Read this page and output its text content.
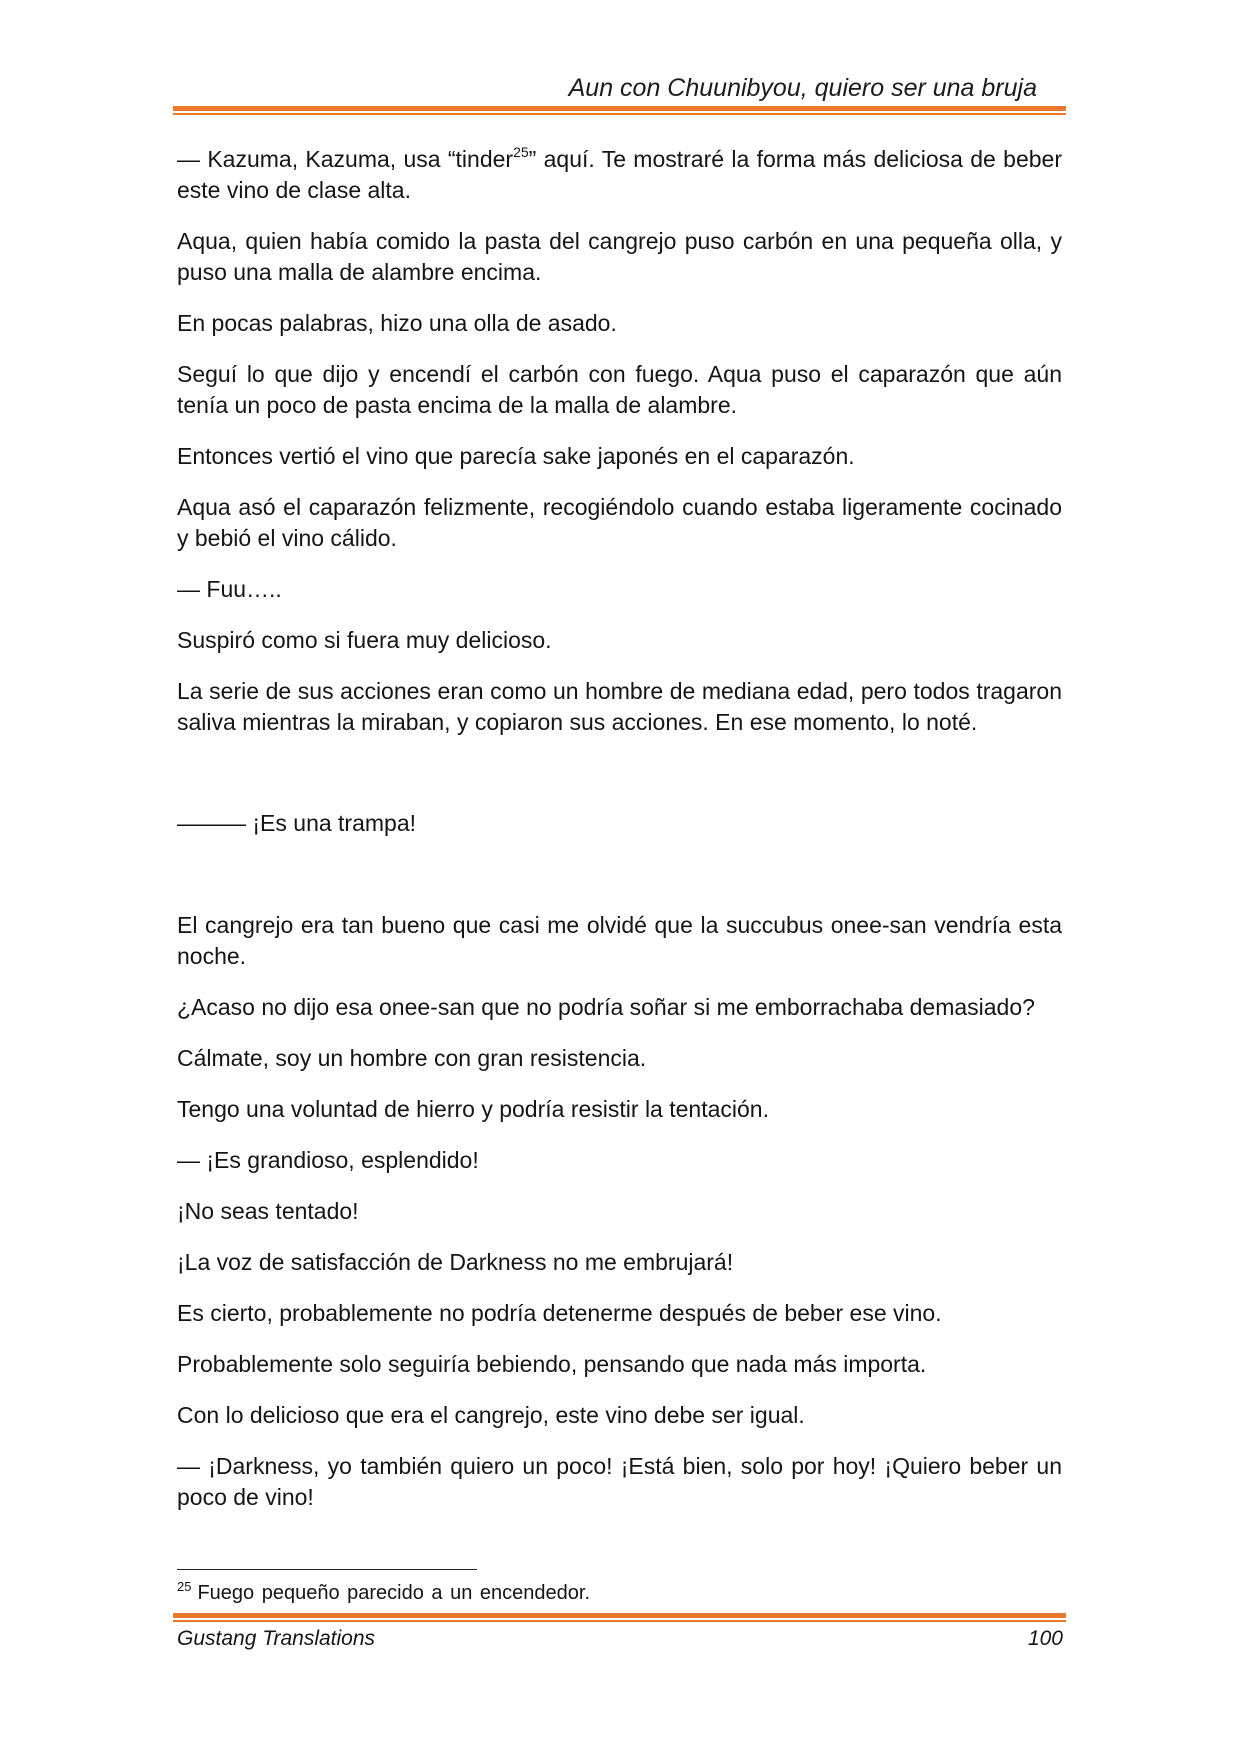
Aun con Chuunibyou, quiero ser una bruja

— Kazuma, Kazuma, usa “tinder$^{25}$” aquí. Te mostraré la forma más deliciosa de beber este vino de clase alta.

Aqua, quien había comido la pasta del cangrejo puso carbón en una pequeña olla, y puso una malla de alambre encima.

En pocas palabras, hizo una olla de asado.

Seguí lo que dijo y encendí el carbón con fuego. Aqua puso el caparazón que aún tenía un poco de pasta encima de la malla de alambre.

Entonces vertió el vino que parecía sake japonés en el caparazón.

Aqua asó el caparazón felizmente, recogiéndolo cuando estaba ligeramente cocinado y bebió el vino cálido.

— Fuu…..

Suspiró como si fuera muy delicioso.

La serie de sus acciones eran como un hombre de mediana edad, pero todos tragaron saliva mientras la miraban, y copiaron sus acciones. En ese momento, lo noté.

——— ¡Es una trampa!

El cangrejo era tan bueno que casi me olvidé que la succubus onee-san vendría esta noche.

¿Acaso no dijo esa onee-san que no podría soñar si me emborrachaba demasiado?

Cálmate, soy un hombre con gran resistencia.

Tengo una voluntad de hierro y podría resistir la tentación.

— ¡Es grandioso, esplendido!

¡No seas tentado!

¡La voz de satisfacción de Darkness no me embrujará!

Es cierto, probablemente no podría detenerme después de beber ese vino.

Probablemente solo seguiría bebiendo, pensando que nada más importa.

Con lo delicioso que era el cangrejo, este vino debe ser igual.

— ¡Darkness, yo también quiero un poco! ¡Está bien, solo por hoy! ¡Quiero beber un poco de vino!

$^{25}$ Fuego pequeño parecido a un encendedor.
Gustang Translations	100
